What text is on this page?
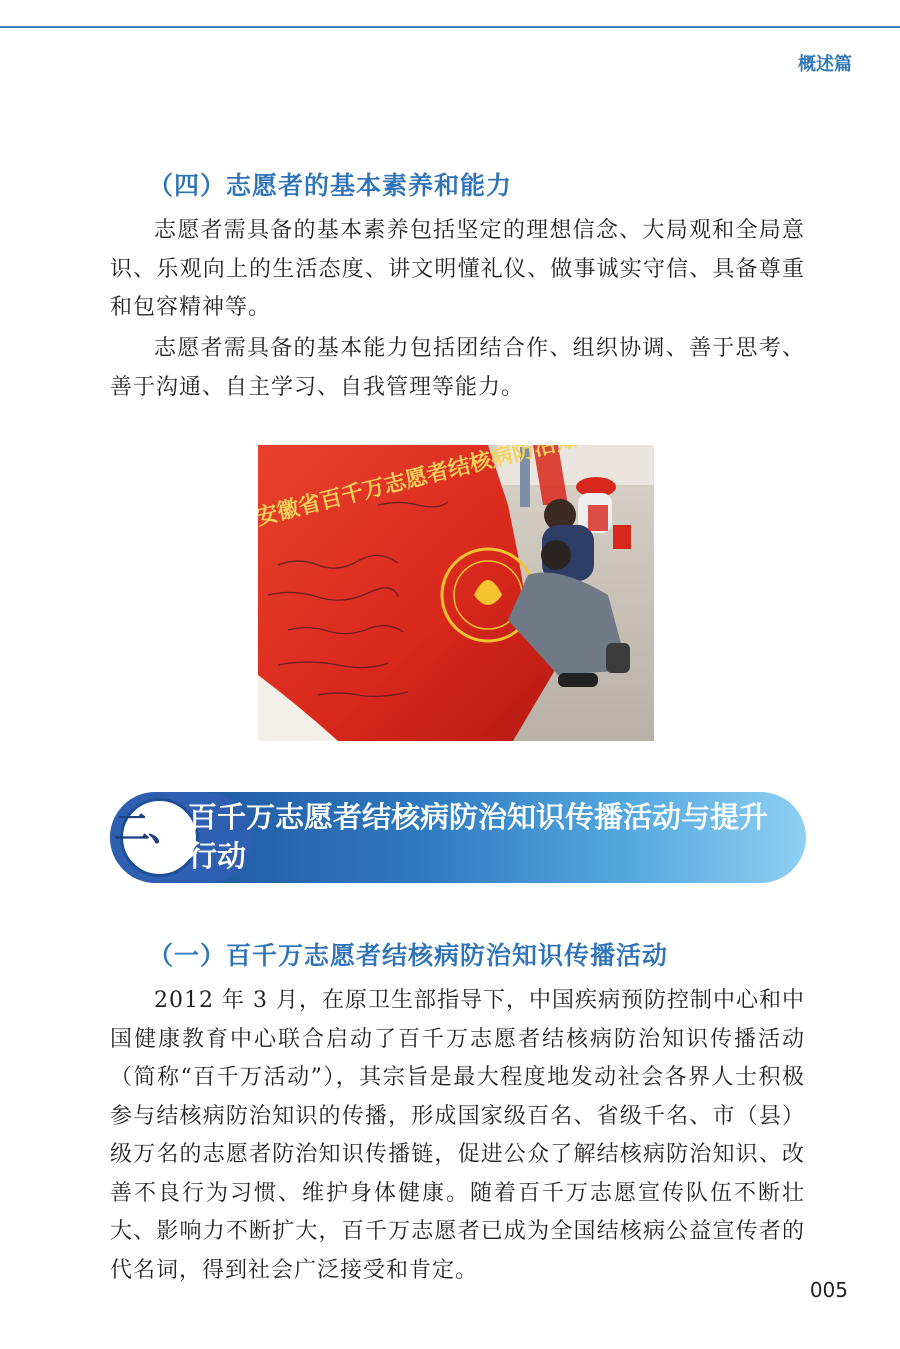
概述篇
（四）志愿者的基本素养和能力

志愿者需具备的基本素养包括坚定的理想信念、大局观和全局意识、乐观向上的生活态度、讲文明懂礼仪、做事诚实守信、具备尊重和包容精神等。

志愿者需具备的基本能力包括团结合作、组织协调、善于思考、善于沟通、自主学习、自我管理等能力。

二、 百千万志愿者结核病防治知识传播活动与提升行动
（一）百千万志愿者结核病防治知识传播活动

2012 年 3 月，在原卫生部指导下，中国疾病预防控制中心和中国健康教育中心联合启动了百千万志愿者结核病防治知识传播活动（简称“百千万活动”），其宗旨是最大程度地发动社会各界人士积极参与结核病防治知识的传播，形成国家级百名、省级千名、市（县）级万名的志愿者防治知识传播链，促进公众了解结核病防治知识、改善不良行为习惯、维护身体健康。随着百千万志愿宣传队伍不断壮大、影响力不断扩大，百千万志愿者已成为全国结核病公益宣传者的代名词，得到社会广泛接受和肯定。

005
